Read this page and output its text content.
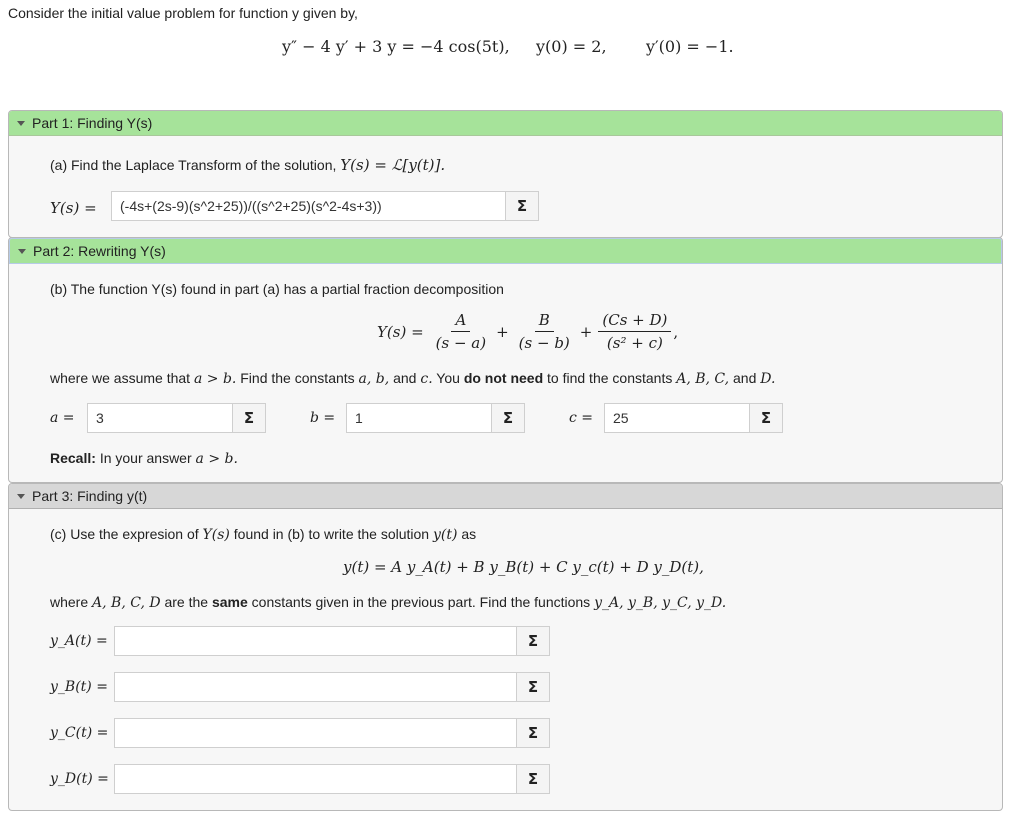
Consider the initial value problem for function y given by,
y″ − 4 y′ + 3 y = −4 cos(5t), y(0) = 2, y′(0) = −1.
Part 1: Finding Y(s)
(a) Find the Laplace Transform of the solution, Y(s) = ℒ[y(t)].
Y(s) =	(-4s+(2s-9)(s^2+25))/((s^2+25)(s^2-4s+3))	Σ
Part 2: Rewriting Y(s)
(b) The function Y(s) found in part (a) has a partial fraction decomposition
$Y(s) = \frac{A}{(s - a)} + \frac{B}{(s - b)} + \frac{(Cs + D)}{\text{(s² + c)}}$ ,
where we assume that a > b. Find the constants a, b, and c. You do not need to find the constants A, B, C, and D.
a =	3	Σ	b =	1	Σ	c =	25	Σ
Recall: In your answer a > b.
Part 3: Finding y(t)
(c) Use the expresion of Y(s) found in (b) to write the solution y(t) as
y(t) = A y_A(t) + B y_B(t) + C y_c(t) + D y_D(t),
where A, B, C, D are the same constants given in the previous part. Find the functions y_A, y_B, y_C, y_D.
y_A(t) =	Σ
y_B(t) =	Σ
y_C(t) =	Σ
y_D(t) =	Σ
